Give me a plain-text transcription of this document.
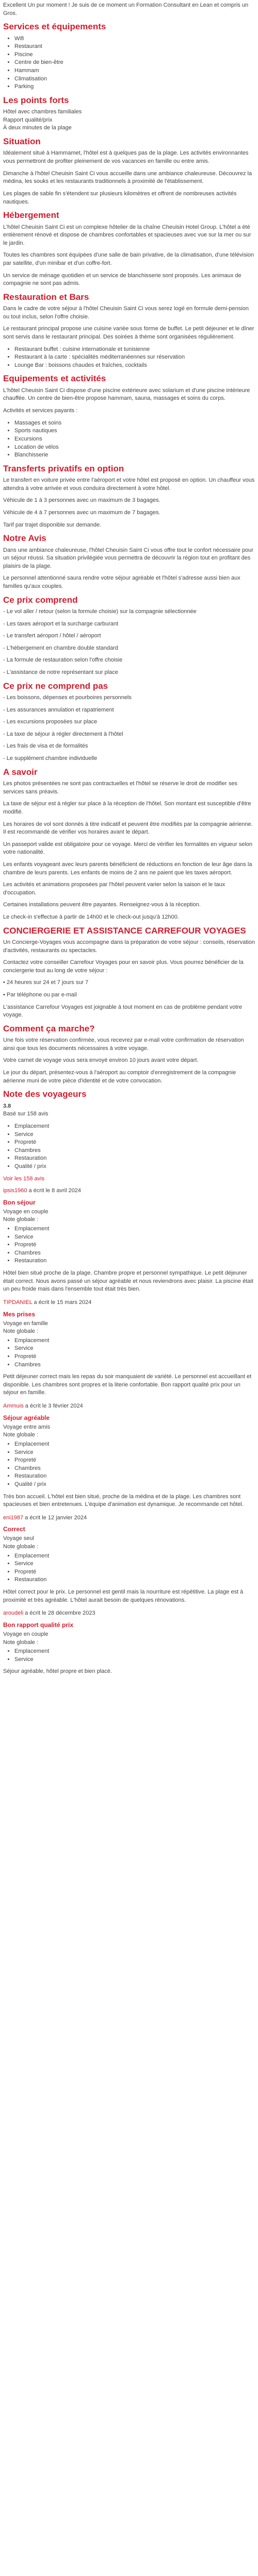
Excellent Un pur moment ! Je suis de ce moment un Formation Consultant en Lean et compris un Gros.

Services et équipements
• Wifi
• Restaurant
• Piscine
• Centre de bien-être
• Hammam
• Climatisation
• Parking
Les points forts

Hôtel avec chambres familiales
Rapport qualité/prix
À deux minutes de la plage

Situation

Idéalement situé à Hammamet, l'hôtel est à quelques pas de la plage. Les activités environnantes vous permettront de profiter pleinement de vos vacances en famille ou entre amis.

Dimanche à l'hôtel Cheuisin Saint Ci vous accueille dans une ambiance chaleureuse. Découvrez la médina, les souks et les restaurants traditionnels à proximité de l'établissement.

Les plages de sable fin s'étendent sur plusieurs kilomètres et offrent de nombreuses activités nautiques.

Hébergement

L'hôtel Cheuisin Saint Ci est un complexe hôtelier de la chaîne Cheuisin Hotel Group. L'hôtel a été entièrement rénové et dispose de chambres confortables et spacieuses avec vue sur la mer ou sur le jardin.

Toutes les chambres sont équipées d'une salle de bain privative, de la climatisation, d'une télévision par satellite, d'un minibar et d'un coffre-fort.

Un service de ménage quotidien et un service de blanchisserie sont proposés. Les animaux de compagnie ne sont pas admis.

Restauration et Bars

Dans le cadre de votre séjour à l'hôtel Cheuisin Saint Ci vous serez logé en formule demi-pension ou tout inclus, selon l'offre choisie.

Le restaurant principal propose une cuisine variée sous forme de buffet. Le petit déjeuner et le dîner sont servis dans le restaurant principal. Des soirées à thème sont organisées régulièrement.

• Restaurant buffet : cuisine internationale et tunisienne
• Restaurant à la carte : spécialités méditerranéennes sur réservation
• Lounge Bar : boissons chaudes et fraîches, cocktails
Equipements et activités

L'hôtel Cheuisin Saint Ci dispose d'une piscine extérieure avec solarium et d'une piscine intérieure chauffée. Un centre de bien-être propose hammam, sauna, massages et soins du corps.

Activités et services payants :

• Massages et soins
• Sports nautiques
• Excursions
• Location de vélos
• Blanchisserie
Transferts privatifs en option

Le transfert en voiture privée entre l'aéroport et votre hôtel est proposé en option. Un chauffeur vous attendra à votre arrivée et vous conduira directement à votre hôtel.

Véhicule de 1 à 3 personnes avec un maximum de 3 bagages.

Véhicule de 4 à 7 personnes avec un maximum de 7 bagages.

Tarif par trajet disponible sur demande.

Notre Avis

Dans une ambiance chaleureuse, l'hôtel Cheuisin Saint Ci vous offre tout le confort nécessaire pour un séjour réussi. Sa situation privilégiée vous permettra de découvrir la région tout en profitant des plaisirs de la plage.

Le personnel attentionné saura rendre votre séjour agréable et l'hôtel s'adresse aussi bien aux familles qu'aux couples.

Ce prix comprend

- Le vol aller / retour (selon la formule choisie) sur la compagnie sélectionnée

- Les taxes aéroport et la surcharge carburant

- Le transfert aéroport / hôtel / aéroport

- L'hébergement en chambre double standard

- La formule de restauration selon l'offre choisie

- L'assistance de notre représentant sur place

Ce prix ne comprend pas

- Les boissons, dépenses et pourboires personnels

- Les assurances annulation et rapatriement

- Les excursions proposées sur place

- La taxe de séjour à régler directement à l'hôtel

- Les frais de visa et de formalités

- Le supplément chambre individuelle

A savoir

Les photos présentées ne sont pas contractuelles et l'hôtel se réserve le droit de modifier ses services sans préavis.

La taxe de séjour est à régler sur place à la réception de l'hôtel. Son montant est susceptible d'être modifié.

Les horaires de vol sont donnés à titre indicatif et peuvent être modifiés par la compagnie aérienne. Il est recommandé de vérifier vos horaires avant le départ.

Un passeport valide est obligatoire pour ce voyage. Merci de vérifier les formalités en vigueur selon votre nationalité.

Les enfants voyageant avec leurs parents bénéficient de réductions en fonction de leur âge dans la chambre de leurs parents. Les enfants de moins de 2 ans ne paient que les taxes aéroport.

Les activités et animations proposées par l'hôtel peuvent varier selon la saison et le taux d'occupation.

Certaines installations peuvent être payantes. Renseignez-vous à la réception.

Le check-in s'effectue à partir de 14h00 et le check-out jusqu'à 12h00.

CONCIERGERIE ET ASSISTANCE CARREFOUR VOYAGES

Un Concierge-Voyages vous accompagne dans la préparation de votre séjour : conseils, réservation d'activités, restaurants ou spectacles.

Contactez votre conseiller Carrefour Voyages pour en savoir plus. Vous pourrez bénéficier de la conciergerie tout au long de votre séjour :

• 24 heures sur 24 et 7 jours sur 7

• Par téléphone ou par e-mail

L'assistance Carrefour Voyages est joignable à tout moment en cas de problème pendant votre voyage.

Comment ça marche?

Une fois votre réservation confirmée, vous recevrez par e-mail votre confirmation de réservation ainsi que tous les documents nécessaires à votre voyage.

Votre carnet de voyage vous sera envoyé environ 10 jours avant votre départ.

Le jour du départ, présentez-vous à l'aéroport au comptoir d'enregistrement de la compagnie aérienne muni de votre pièce d'identité et de votre convocation.

Note des voyageurs

3.8

Basé sur 158 avis

• Emplacement
• Service
• Propreté
• Chambres
• Restauration
• Qualité / prix

Voir les 158 avis

ipsis1960 a écrit le 8 avril 2024

Bon séjour

Voyage en couple

Note globale :

• Emplacement
• Service
• Propreté
• Chambres
• Restauration

Hôtel bien situé proche de la plage. Chambre propre et personnel sympathique. Le petit déjeuner était correct. Nous avons passé un séjour agréable et nous reviendrons avec plaisir. La piscine était un peu froide mais dans l'ensemble tout était très bien.

TIPDANIEL a écrit le 15 mars 2024

Mes prises

Voyage en famille

Note globale :

• Emplacement
• Service
• Propreté
• Chambres

Petit déjeuner correct mais les repas du soir manquaient de variété. Le personnel est accueillant et disponible. Les chambres sont propres et la literie confortable. Bon rapport qualité prix pour un séjour en famille.

Ammuis a écrit le 3 février 2024

Séjour agréable

Voyage entre amis

Note globale :

• Emplacement
• Service
• Propreté
• Chambres
• Restauration
• Qualité / prix

Très bon accueil. L'hôtel est bien situé, proche de la médina et de la plage. Les chambres sont spacieuses et bien entretenues. L'équipe d'animation est dynamique. Je recommande cet hôtel.

eni1987 a écrit le 12 janvier 2024

Correct

Voyage seul

Note globale :

• Emplacement
• Service
• Propreté
• Restauration

Hôtel correct pour le prix. Le personnel est gentil mais la nourriture est répétitive. La plage est à proximité et très agréable. L'hôtel aurait besoin de quelques rénovations.

aroudeli a écrit le 28 décembre 2023

Bon rapport qualité prix

Voyage en couple

Note globale :

• Emplacement
• Service

Séjour agréable, hôtel propre et bien placé.
